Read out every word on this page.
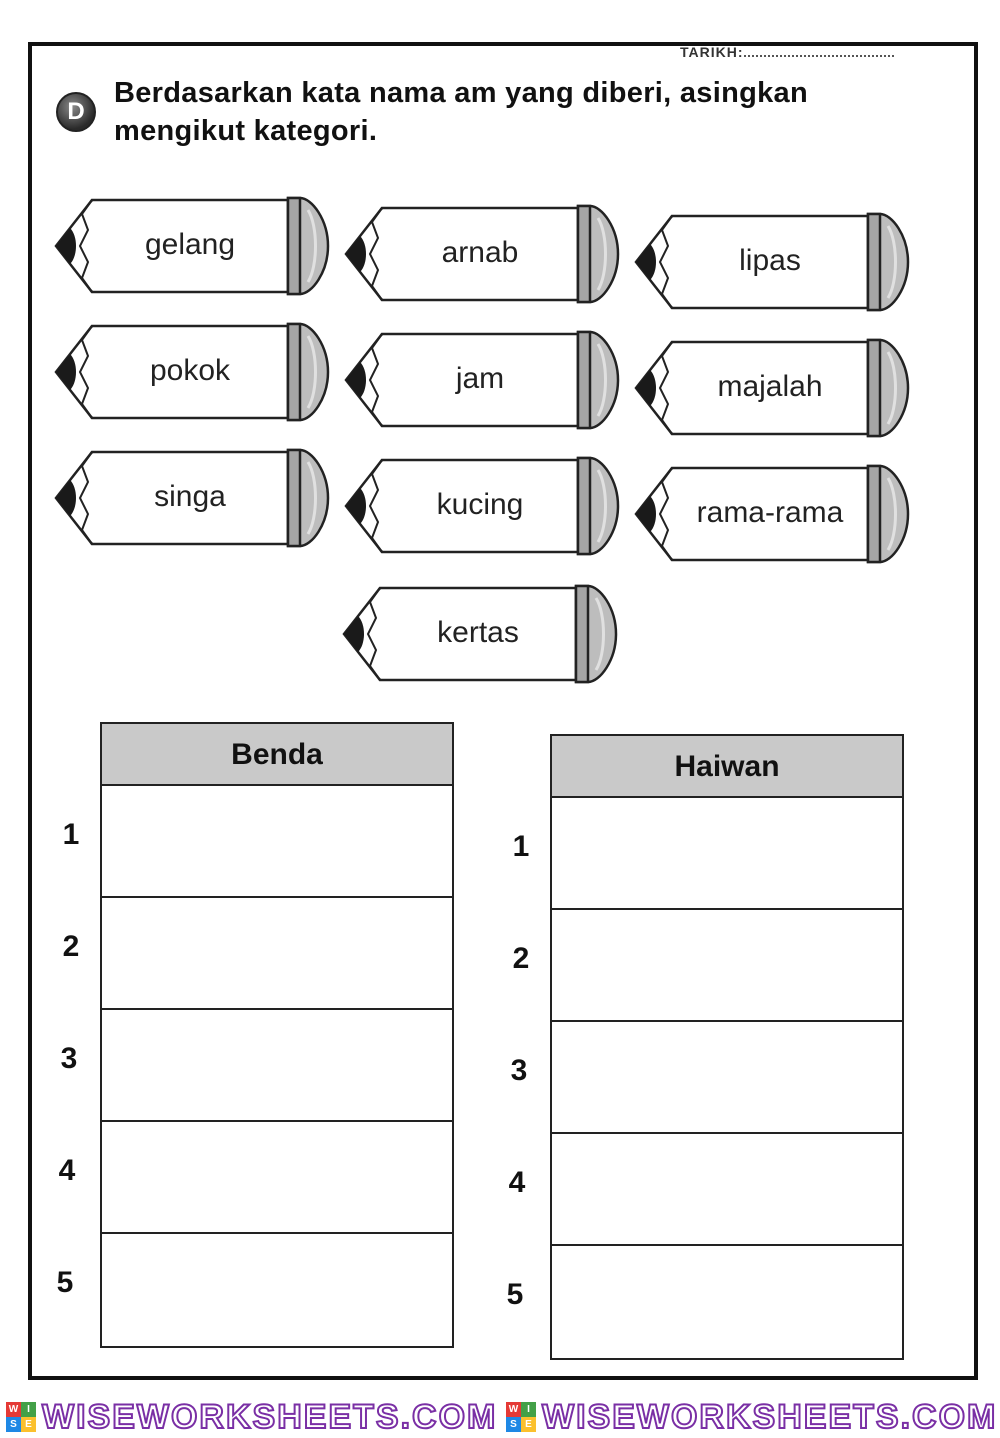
TARIKH:
D
Berdasarkan kata nama am yang diberi, asingkan mengikut kategori.
gelang	arnab	lipas
pokok	jam	majalah
singa	kucing	rama-rama
kertas
Benda
1
2
3
4
5
Haiwan
1
2
3
4
5
W I
S E WISEWORKSHEETS.COM W I
S E WISEWORKSHEETS.COM
